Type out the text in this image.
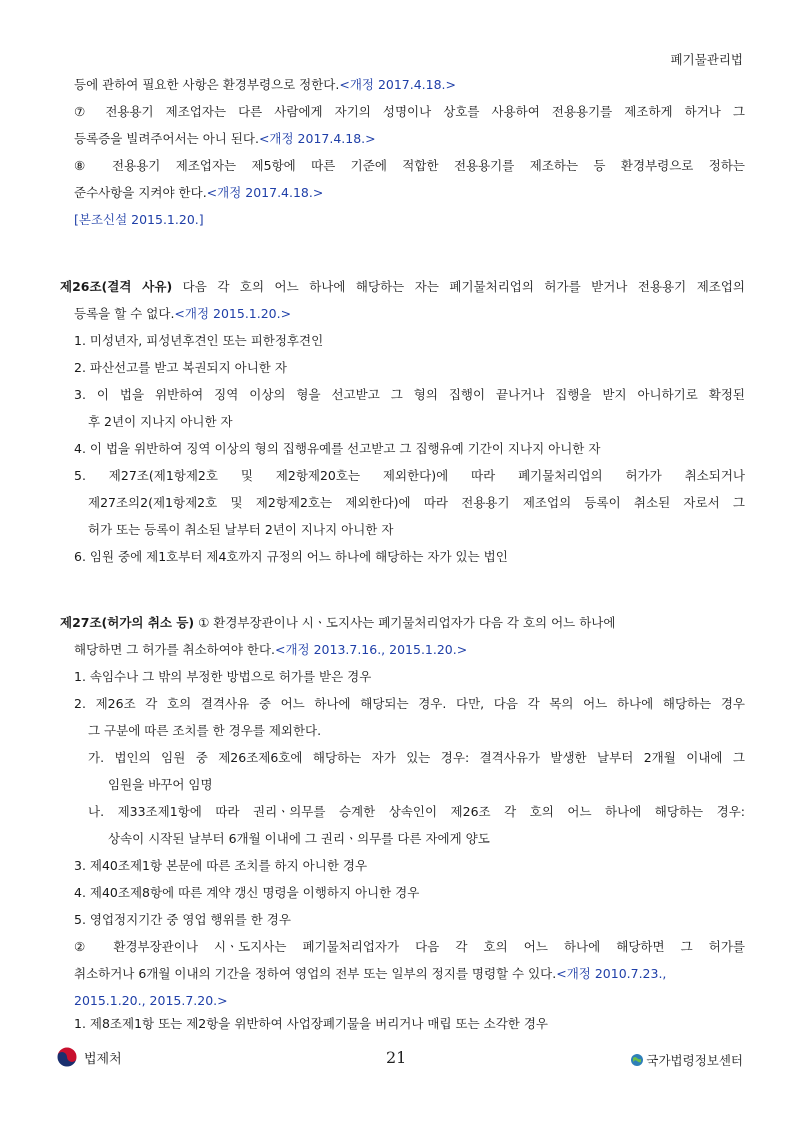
폐기물관리법
등에 관하여 필요한 사항은 환경부령으로 정한다.<개정 2017.4.18.>
⑦ 전용용기 제조업자는 다른 사람에게 자기의 성명이나 상호를 사용하여 전용용기를 제조하게 하거나 그
등록증을 빌려주어서는 아니 된다.<개정 2017.4.18.>
⑧ 전용용기 제조업자는 제5항에 따른 기준에 적합한 전용용기를 제조하는 등 환경부령으로 정하는
준수사항을 지켜야 한다.<개정 2017.4.18.>
[본조신설 2015.1.20.]
제26조(결격 사유) 다음 각 호의 어느 하나에 해당하는 자는 폐기물처리업의 허가를 받거나 전용용기 제조업의
등록을 할 수 없다.<개정 2015.1.20.>
1. 미성년자, 피성년후견인 또는 피한정후견인
2. 파산선고를 받고 복권되지 아니한 자
3. 이 법을 위반하여 징역 이상의 형을 선고받고 그 형의 집행이 끝나거나 집행을 받지 아니하기로 확정된
후 2년이 지나지 아니한 자
4. 이 법을 위반하여 징역 이상의 형의 집행유예를 선고받고 그 집행유예 기간이 지나지 아니한 자
5. 제27조(제1항제2호 및 제2항제20호는 제외한다)에 따라 폐기물처리업의 허가가 취소되거나
제27조의2(제1항제2호 및 제2항제2호는 제외한다)에 따라 전용용기 제조업의 등록이 취소된 자로서 그
허가 또는 등록이 취소된 날부터 2년이 지나지 아니한 자
6. 임원 중에 제1호부터 제4호까지 규정의 어느 하나에 해당하는 자가 있는 법인
제27조(허가의 취소 등) ① 환경부장관이나 시ㆍ도지사는 폐기물처리업자가 다음 각 호의 어느 하나에
해당하면 그 허가를 취소하여야 한다.<개정 2013.7.16., 2015.1.20.>
1. 속임수나 그 밖의 부정한 방법으로 허가를 받은 경우
2. 제26조 각 호의 결격사유 중 어느 하나에 해당되는 경우. 다만, 다음 각 목의 어느 하나에 해당하는 경우
그 구분에 따른 조치를 한 경우를 제외한다.
가. 법인의 임원 중 제26조제6호에 해당하는 자가 있는 경우: 결격사유가 발생한 날부터 2개월 이내에 그
임원을 바꾸어 임명
나. 제33조제1항에 따라 권리ㆍ의무를 승계한 상속인이 제26조 각 호의 어느 하나에 해당하는 경우:
상속이 시작된 날부터 6개월 이내에 그 권리ㆍ의무를 다른 자에게 양도
3. 제40조제1항 본문에 따른 조치를 하지 아니한 경우
4. 제40조제8항에 따른 계약 갱신 명령을 이행하지 아니한 경우
5. 영업정지기간 중 영업 행위를 한 경우
② 환경부장관이나 시ㆍ도지사는 폐기물처리업자가 다음 각 호의 어느 하나에 해당하면 그 허가를
취소하거나 6개월 이내의 기간을 정하여 영업의 전부 또는 일부의 정지를 명령할 수 있다.<개정 2010.7.23.,
2015.1.20., 2015.7.20.>
1. 제8조제1항 또는 제2항을 위반하여 사업장폐기물을 버리거나 매립 또는 소각한 경우
법제처	21	국가법령정보센터
